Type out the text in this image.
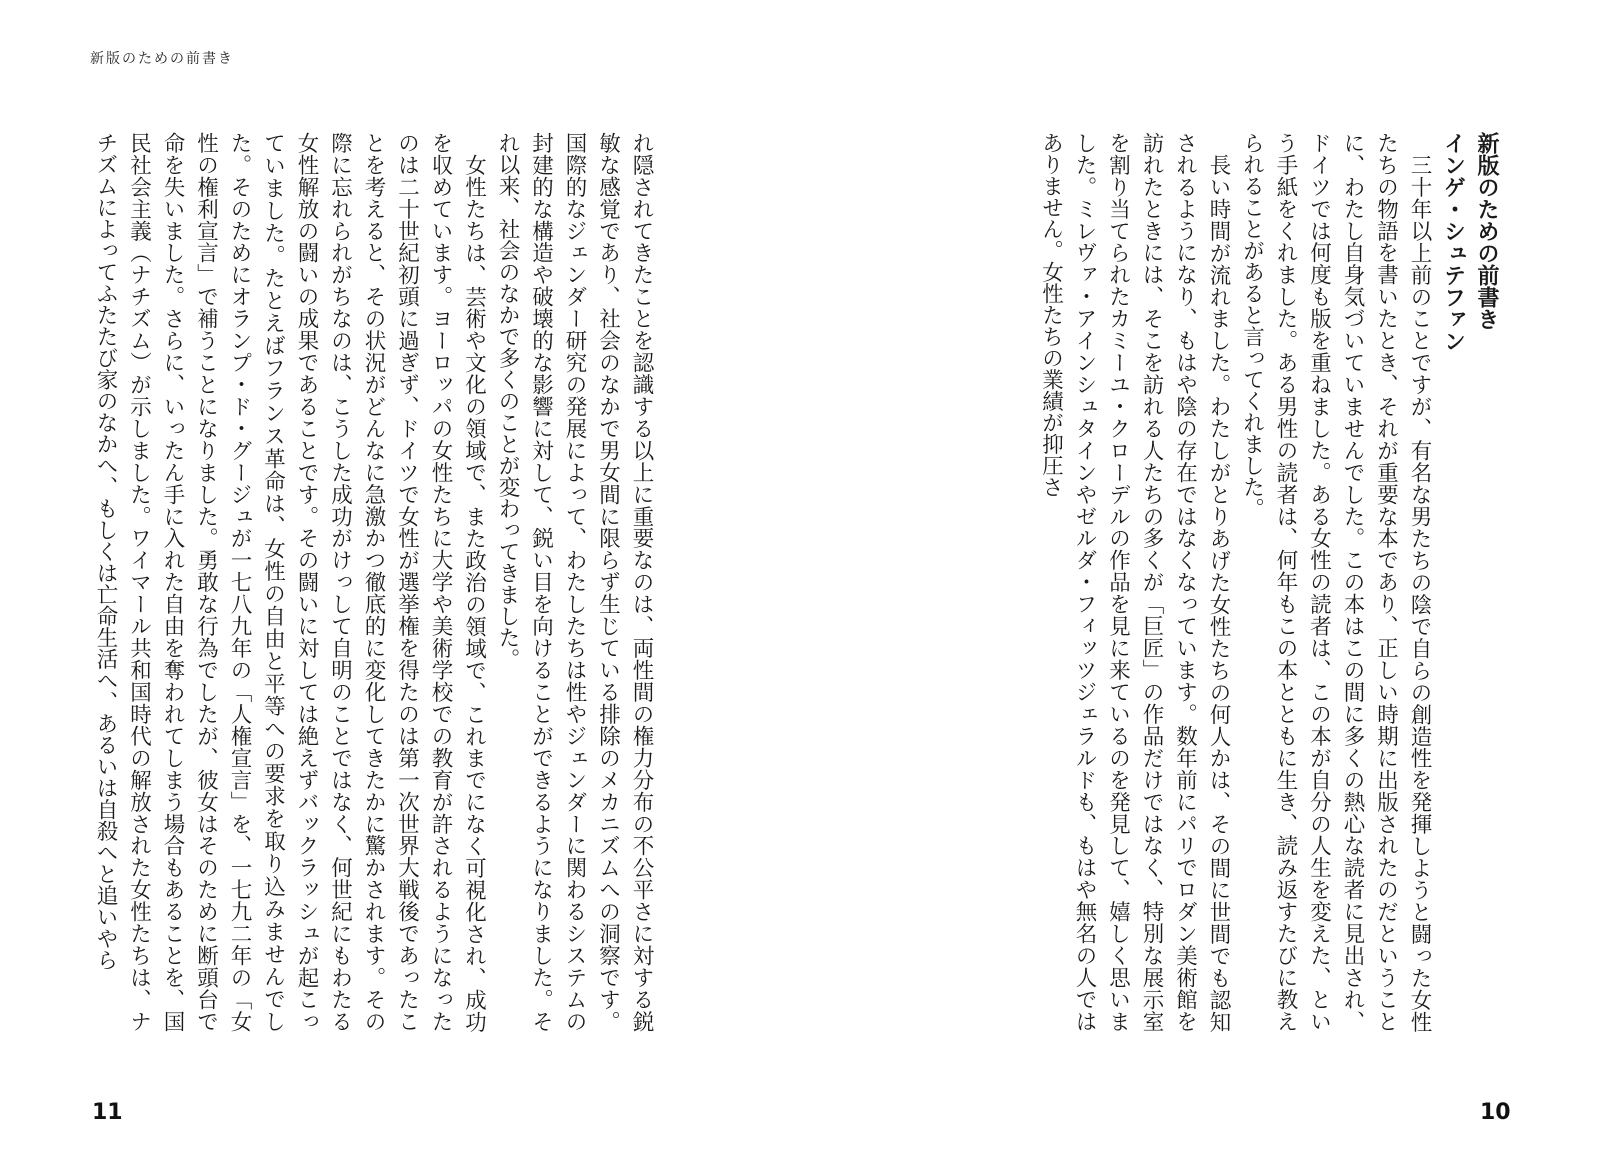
新版のための前書き

新版のための前書き

インゲ・シュテファン

三十年以上前のことですが、有名な男たちの陰で自らの創造性を発揮しようと闘った女性たちの物語を書いたとき、それが重要な本であり、正しい時期に出版されたのだということに、わたし自身気づいていませんでした。この本はこの間に多くの熱心な読者に見出され、ドイツでは何度も版を重ねました。ある女性の読者は、この本が自分の人生を変えた、という手紙をくれました。ある男性の読者は、何年もこの本とともに生き、読み返すたびに教えられることがあると言ってくれました。

長い時間が流れました。わたしがとりあげた女性たちの何人かは、その間に世間でも認知されるようになり、もはや陰の存在ではなくなっています。数年前にパリでロダン美術館を訪れたときには、そこを訪れる人たちの多くが「巨匠」の作品だけではなく、特別な展示室を割り当てられたカミーユ・クローデルの作品を見に来ているのを発見して、嬉しく思いました。ミレヴァ・アインシュタインやゼルダ・フィッツジェラルドも、もはや無名の人ではありません。女性たちの業績が抑圧さ

れ隠されてきたことを認識する以上に重要なのは、両性間の権力分布の不公平さに対する鋭敏な感覚であり、社会のなかで男女間に限らず生じている排除のメカニズムへの洞察です。国際的なジェンダー研究の発展によって、わたしたちは性やジェンダーに関わるシステムの封建的な構造や破壊的な影響に対して、鋭い目を向けることができるようになりました。それ以来、社会のなかで多くのことが変わってきました。

女性たちは、芸術や文化の領域で、また政治の領域で、これまでになく可視化され、成功を収めています。ヨーロッパの女性たちに大学や美術学校での教育が許されるようになったのは二十世紀初頭に過ぎず、ドイツで女性が選挙権を得たのは第一次世界大戦後であったことを考えると、その状況がどんなに急激かつ徹底的に変化してきたかに驚かされます。その際に忘れられがちなのは、こうした成功がけっして自明のことではなく、何世紀にもわたる女性解放の闘いの成果であることです。その闘いに対しては絶えずバックラッシュが起こっていました。たとえばフランス革命は、女性の自由と平等への要求を取り込みませんでした。そのためにオランプ・ド・グージュが一七八九年の「人権宣言」を、一七九二年の「女性の権利宣言」で補うことになりました。勇敢な行為でしたが、彼女はそのために断頭台で命を失いました。さらに、いったん手に入れた自由を奪われてしまう場合もあることを、国民社会主義（ナチズム）が示しました。ワイマール共和国時代の解放された女性たちは、ナチズムによってふたたび家のなかへ、もしくは亡命生活へ、あるいは自殺へと追いやら

11	10
